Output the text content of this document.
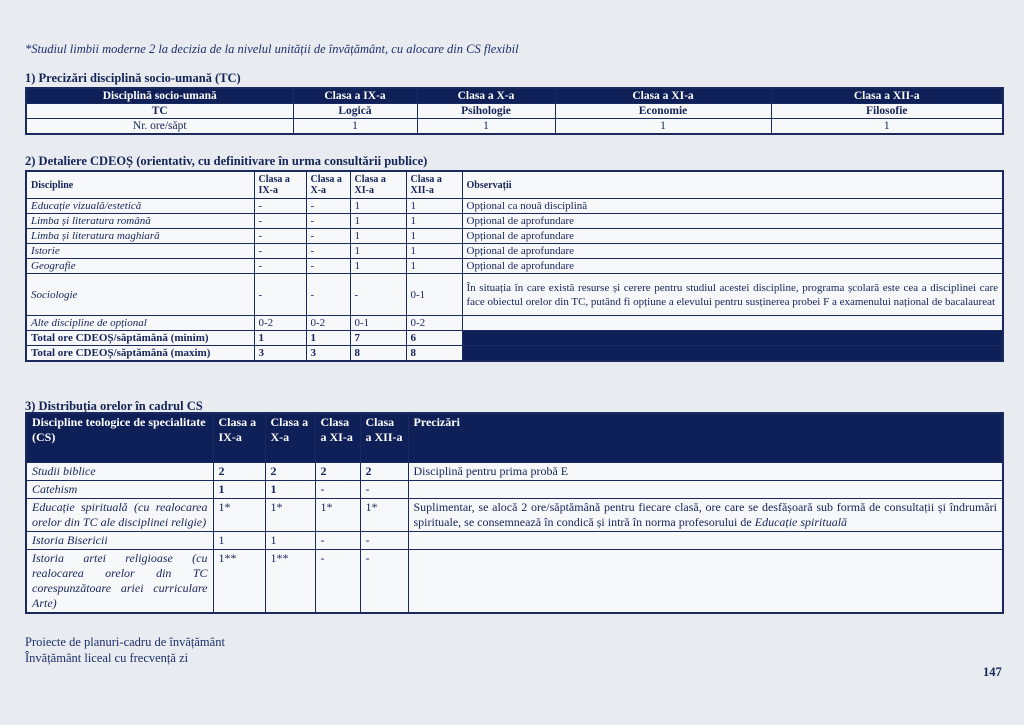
*Studiul limbii moderne 2 la decizia de la nivelul unității de învățământ, cu alocare din CS flexibil
1) Precizări disciplină socio-umană (TC)
Disciplină socio-umană	Clasa a IX-a	Clasa a X-a	Clasa a XI-a	Clasa a XII-a
TC	Logică	Psihologie	Economie	Filosofie
Nr. ore/săpt	1	1	1	1
2) Detaliere CDEOȘ (orientativ, cu definitivare în urma consultării publice)
Discipline	Clasa a IX-a	Clasa a X-a	Clasa a XI-a	Clasa a XII-a	Observații
Educație vizuală/estetică	-	-	1	1	Opțional ca nouă disciplină
Limba și literatura română	-	-	1	1	Opțional de aprofundare
Limba și literatura maghiară	-	-	1	1	Opțional de aprofundare
Istorie	-	-	1	1	Opțional de aprofundare
Geografie	-	-	1	1	Opțional de aprofundare
Sociologie	-	-	-	0-1	În situația în care există resurse și cerere pentru studiul acestei discipline, programa școlară este cea a disciplinei care face obiectul orelor din TC, putând fi opțiune a elevului pentru susținerea probei F a examenului național de bacalaureat
Alte discipline de opțional	0-2	0-2	0-1	0-2	
Total ore CDEOȘ/săptămână (minim)	1	1	7	6	
Total ore CDEOȘ/săptămână (maxim)	3	3	8	8	
3) Distribuția orelor în cadrul CS
Discipline teologice de specialitate (CS)	Clasa a IX-a	Clasa a X-a	Clasa a XI-a	Clasa a XII-a	Precizări
Studii biblice	2	2	2	2	Disciplină pentru prima probă E
Catehism	1	1	-	-	
Educație spirituală (cu realocarea orelor din TC ale disciplinei religie)	1*	1*	1*	1*	Suplimentar, se alocă 2 ore/săptămână pentru fiecare clasă, ore care se desfășoară sub formă de consultații și îndrumări spirituale, se consemnează în condică și intră în norma profesorului de Educație spirituală
Istoria Bisericii	1	1	-	-	
Istoria artei religioase (cu realocarea orelor din TC corespunzătoare ariei curriculare Arte)	1**	1**	-	-	
Proiecte de planuri-cadru de învățământ
Învățământ liceal cu frecvență zi
147
